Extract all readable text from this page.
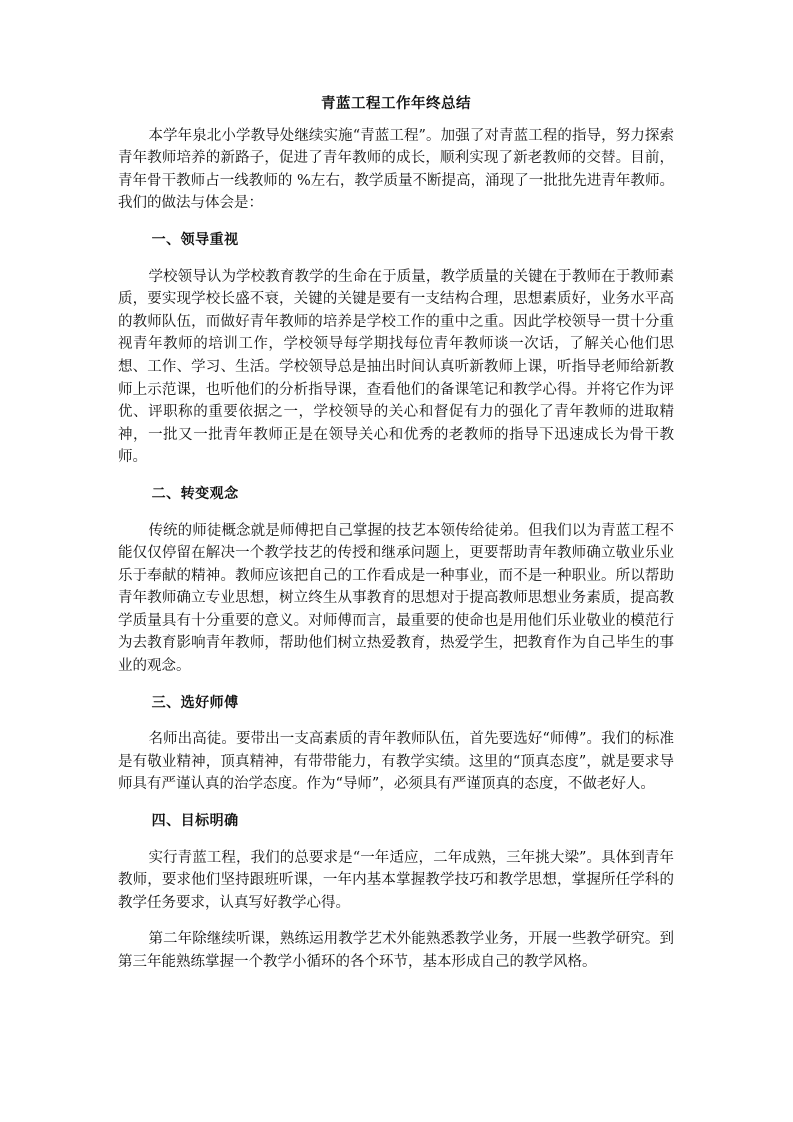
青蓝工程工作年终总结

本学年泉北小学教导处继续实施“青蓝工程”。加强了对青蓝工程的指导，努力探索青年教师培养的新路子，促进了青年教师的成长，顺利实现了新老教师的交替。目前，青年骨干教师占一线教师的 %左右，教学质量不断提高，涌现了一批批先进青年教师。我们的做法与体会是：

一、领导重视

学校领导认为学校教育教学的生命在于质量，教学质量的关键在于教师在于教师素质，要实现学校长盛不衰，关键的关键是要有一支结构合理，思想素质好，业务水平高的教师队伍，而做好青年教师的培养是学校工作的重中之重。因此学校领导一贯十分重视青年教师的培训工作，学校领导每学期找每位青年教师谈一次话，了解关心他们思想、工作、学习、生活。学校领导总是抽出时间认真听新教师上课，听指导老师给新教师上示范课，也听他们的分析指导课，查看他们的备课笔记和教学心得。并将它作为评优、评职称的重要依据之一，学校领导的关心和督促有力的强化了青年教师的进取精神，一批又一批青年教师正是在领导关心和优秀的老教师的指导下迅速成长为骨干教师。

二、转变观念

传统的师徒概念就是师傅把自己掌握的技艺本领传给徒弟。但我们以为青蓝工程不能仅仅停留在解决一个教学技艺的传授和继承问题上，更要帮助青年教师确立敬业乐业乐于奉献的精神。教师应该把自己的工作看成是一种事业，而不是一种职业。所以帮助青年教师确立专业思想，树立终生从事教育的思想对于提高教师思想业务素质，提高教学质量具有十分重要的意义。对师傅而言，最重要的使命也是用他们乐业敬业的模范行为去教育影响青年教师，帮助他们树立热爱教育，热爱学生，把教育作为自己毕生的事业的观念。

三、选好师傅

名师出高徒。要带出一支高素质的青年教师队伍，首先要选好“师傅”。我们的标准是有敬业精神，顶真精神，有带带能力，有教学实绩。这里的“顶真态度”，就是要求导师具有严谨认真的治学态度。作为“导师”，必须具有严谨顶真的态度，不做老好人。

四、目标明确

实行青蓝工程，我们的总要求是“一年适应，二年成熟，三年挑大梁”。具体到青年教师，要求他们坚持跟班听课，一年内基本掌握教学技巧和教学思想，掌握所任学科的教学任务要求，认真写好教学心得。

第二年除继续听课，熟练运用教学艺术外能熟悉教学业务，开展一些教学研究。到第三年能熟练掌握一个教学小循环的各个环节，基本形成自己的教学风格。
